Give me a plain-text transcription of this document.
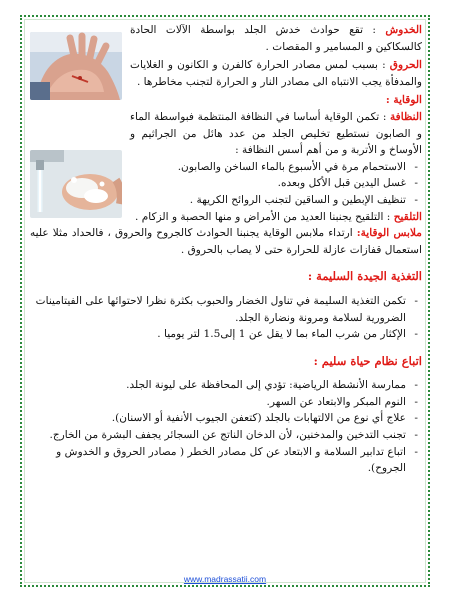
الخدوش : تقع حوادث خدش الجلد بواسطة الآلات الحادة كالسكاكين و المسامير و المقصات .

الحروق : بسبب لمس مصادر الحرارة كالفرن و الكانون و الغلايات والمدفأة يجب الانتباه الى مصادر النار و الحرارة لتجنب مخاطرها .

الوقاية :

النظافة : تكمن الوقاية أساسا في النظافة المنتظمة فبواسطة الماء و الصابون نستطيع تخليص الجلد من عدد هائل من الجراثيم و الأوساخ و الأتربة و من أهم أسس النظافة :

- الاستحمام مرة في الأسبوع بالماء الساخن والصابون.
- غسل اليدين قبل الأكل وبعده.
- تنظيف الإبطين و الساقين لتجنب الروائح الكريهة .

التلقيح : التلقيح يجنبنا العديد من الأمراض و منها الحصبة و الزكام .

ملابس الوقاية: ارتداء ملابس الوقاية يجنبنا الحوادث كالجروح والحروق ، فالحداد مثلا عليه استعمال قفازات عازلة للحرارة حتى لا يصاب بالحروق .

التغذية الجيدة السليمة :

- تكمن التغذية السليمة في تناول الخضار والحبوب بكثرة نظرا لاحتوائها على الفيتامينات الضرورية لسلامة ومرونة ونضارة الجلد.
- الإكثار من شرب الماء بما لا يقل عن 1 إلى1.5 لتر يوميا .

اتباع نظام حياة سليم :

- ممارسة الأنشطة الرياضية: تؤدي إلى المحافظة على ليونة الجلد.
- النوم المبكر والابتعاد عن السهر.
- علاج أي نوع من الالتهابات بالجلد (كتعفن الجيوب الأنفية أو الاسنان).
- تجنب التدخين والمدخنين، لأن الدخان الناتج عن السجائر يجفف البشرة من الخارج.
- اتباع تدابير السلامة و الابتعاد عن كل مصادر الخطر ( مصادر الحروق و الخدوش و الجروح).
www.madrassatii.com
